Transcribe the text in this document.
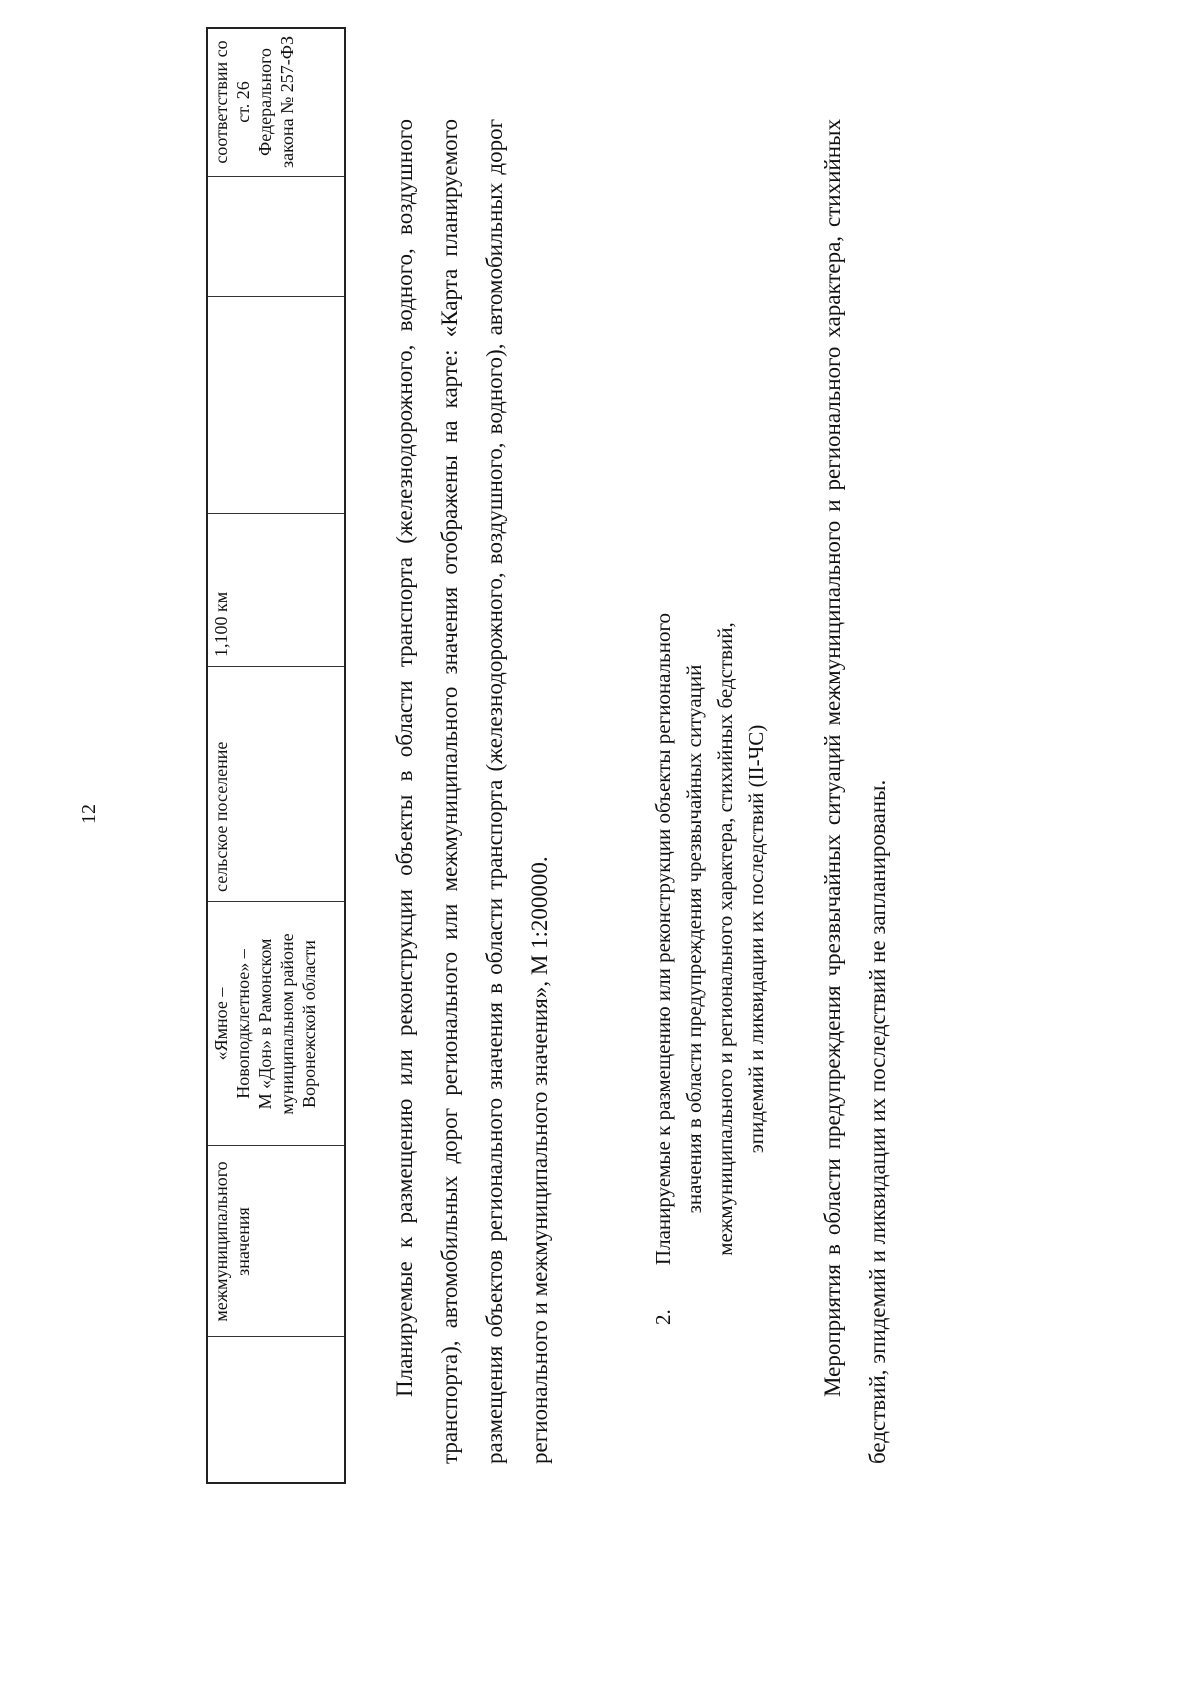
12
межмуниципального
значения
«Ямное –
Новоподклетное» –
М «Дон» в Рамонском
муниципальном районе
Воронежской области
сельское поселение
1,100 км
соответствии со
ст. 26
Федерального
закона № 257-ФЗ
Планируемые к размещению или реконструкции объекты в области транспорта (железнодорожного, водного, воздушного транспорта), автомобильных дорог регионального или межмуниципального значения отображены на карте: «Карта планируемого размещения объектов регионального значения в области транспорта (железнодорожного, воздушного, водного), автомобильных дорог регионального и межмуниципального значения», М 1:200000.	2.
Планируемые к размещению или реконструкции объекты регионального значения в области предупреждения чрезвычайных ситуаций межмуниципального и регионального характера, стихийных бедствий, эпидемий и ликвидации их последствий (II-ЧС)	Мероприятия в области предупреждения чрезвычайных ситуаций межмуниципального и регионального характера, стихийных бедствий, эпидемий и ликвидации их последствий не запланированы.
